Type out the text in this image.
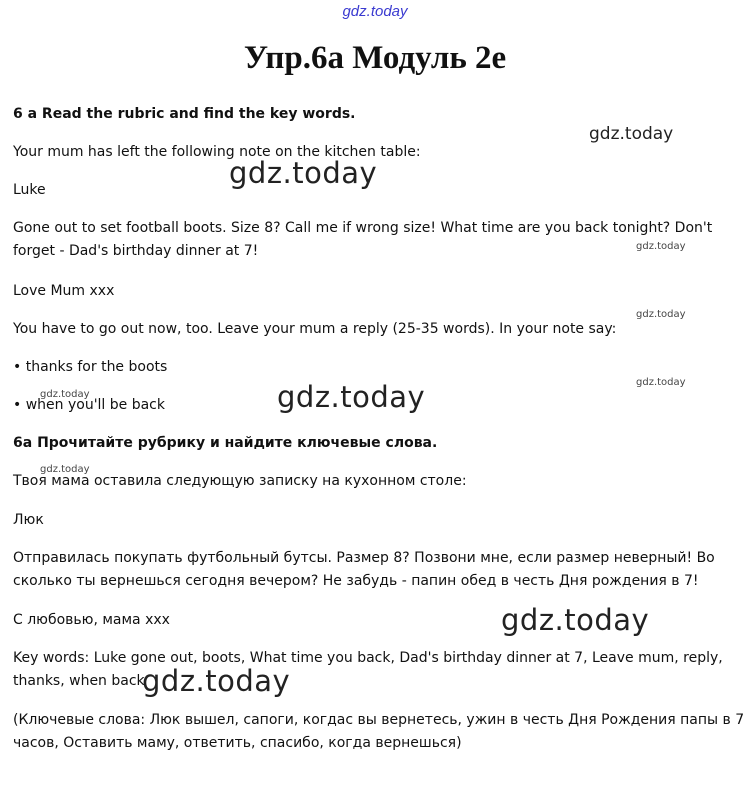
gdz.today
Упр.6а Модуль 2е
6 a Read the rubric and find the key words.
Your mum has left the following note on the kitchen table:
Luke
Gone out to set football boots. Size 8? Call me if wrong size! What time are you back tonight? Don't
forget - Dad's birthday dinner at 7!
Love Mum xxx
You have to go out now, too. Leave your mum a reply (25-35 words). In your note say:
• thanks for the boots
• when you'll be back
6а Прочитайте рубрику и найдите ключевые слова.
Твоя мама оставила следующую записку на кухонном столе:
Люк
Отправилась покупать футбольный бутсы. Размер 8? Позвони мне, если размер неверный! Во
сколько ты вернешься сегодня вечером? Не забудь - папин обед в честь Дня рождения в 7!
С любовью, мама ххх
Key words: Luke gone out, boots, What time you back, Dad's birthday dinner at 7, Leave mum, reply,
thanks, when back
(Ключевые слова: Люк вышел, сапоги, когдас вы вернетесь, ужин в честь Дня Рождения папы в 7
часов, Оставить маму, ответить, спасибо, когда вернешься)
gdz.today
gdz.today
gdz.today
gdz.today
gdz.today
gdz.today	gdz.today
gdz.today
gdz.today
gdz.today
